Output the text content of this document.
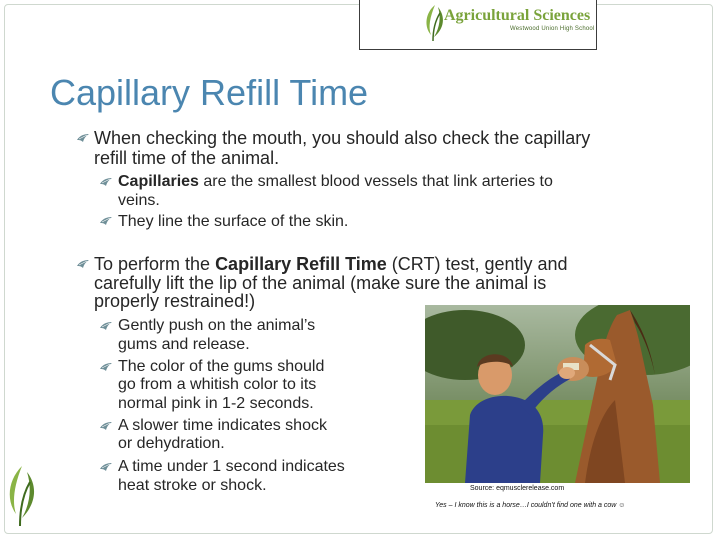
Agricultural Sciences
Westwood Union High School
Capillary Refill Time
When checking the mouth, you should also check the capillary
refill time of the animal.
Capillaries are the smallest blood vessels that link arteries to
veins.
They line the surface of the skin.
To perform the Capillary Refill Time (CRT) test, gently and
carefully lift the lip of the animal (make sure the animal is
properly restrained!)
Gently push on the animal’s
gums and release.
The color of the gums should
go from a whitish color to its
normal pink in 1-2 seconds.
A slower time indicates shock
or dehydration.
A time under 1 second indicates
heat stroke or shock.	Source: eqmusclerelease.com
Yes – I know this is a horse…I couldn’t find one with a cow ☺
